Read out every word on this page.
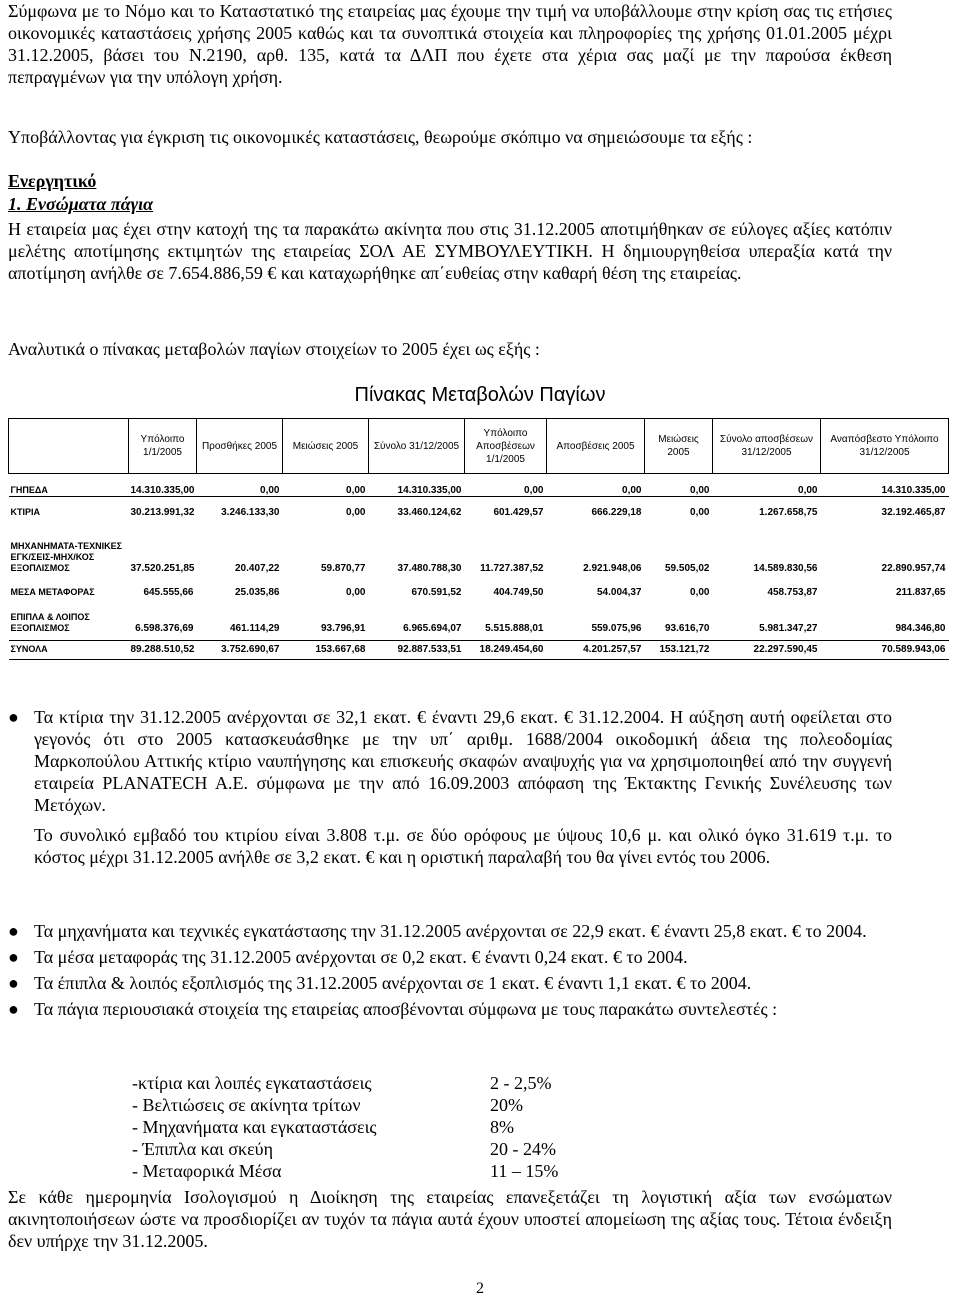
Σύμφωνα με το Νόμο και το Καταστατικό της εταιρείας μας έχουμε την τιμή να υποβάλλουμε στην κρίση σας τις ετήσιες οικονομικές καταστάσεις χρήσης 2005 καθώς και τα συνοπτικά στοιχεία και πληροφορίες της χρήσης 01.01.2005 μέχρι 31.12.2005, βάσει του Ν.2190, αρθ. 135, κατά τα ΔΛΠ που έχετε στα χέρια σας μαζί με την παρούσα έκθεση πεπραγμένων για την υπόλογη χρήση.

Υποβάλλοντας για έγκριση τις οικονομικές καταστάσεις, θεωρούμε σκόπιμο να σημειώσουμε τα εξής :

Ενεργητικό

1. Ενσώματα πάγια

Η εταιρεία μας έχει στην κατοχή της τα παρακάτω ακίνητα που στις 31.12.2005 αποτιμήθηκαν σε εύλογες αξίες κατόπιν μελέτης αποτίμησης εκτιμητών της εταιρείας ΣΟΛ ΑΕ ΣΥΜΒΟΥΛΕΥΤΙΚΗ. Η δημιουργηθείσα υπεραξία κατά την αποτίμηση ανήλθε σε 7.654.886,59 € και καταχωρήθηκε απ΄ευθείας στην καθαρή θέση της εταιρείας.

Αναλυτικά ο πίνακας μεταβολών παγίων στοιχείων το 2005 έχει ως εξής :

Πίνακας Μεταβολών Παγίων
	Υπόλοιπο 1/1/2005	Προσθήκες 2005	Μειώσεις 2005	Σύνολο 31/12/2005	Υπόλοιπο Αποσβέσεων 1/1/2005	Αποσβέσεις 2005	Μειώσεις 2005	Σύνολο αποσβέσεων 31/12/2005	Αναπόσβεστο Υπόλοιπο 31/12/2005

ΓΗΠΕΔΑ	14.310.335,00	0,00	0,00	14.310.335,00	0,00	0,00	0,00	0,00	14.310.335,00

ΚΤΙΡΙΑ	30.213.991,32	3.246.133,30	0,00	33.460.124,62	601.429,57	666.229,18	0,00	1.267.658,75	32.192.465,87
ΜΗΧΑΝΗΜΑΤΑ-ΤΕΧΝΙΚΕΣ ΕΓΚ/ΣΕΙΣ-ΜΗΧ/ΚΟΣ ΕΞΟΠΛΙΣΜΟΣ	37.520.251,85	20.407,22	59.870,77	37.480.788,30	11.727.387,52	2.921.948,06	59.505,02	14.589.830,56	22.890.957,74
ΜΕΣΑ ΜΕΤΑΦΟΡΑΣ	645.555,66	25.035,86	0,00	670.591,52	404.749,50	54.004,37	0,00	458.753,87	211.837,65
ΕΠΙΠΛΑ & ΛΟΙΠΟΣ ΕΞΟΠΛΙΣΜΟΣ	6.598.376,69	461.114,29	93.796,91	6.965.694,07	5.515.888,01	559.075,96	93.616,70	5.981.347,27	984.346,80

ΣΥΝΟΛΑ	89.288.510,52	3.752.690,67	153.667,68	92.887.533,51	18.249.454,60	4.201.257,57	153.121,72	22.297.590,45	70.589.943,06
● Τα κτίρια την 31.12.2005 ανέρχονται σε 32,1 εκατ. € έναντι 29,6 εκατ. € 31.12.2004. Η αύξηση αυτή οφείλεται στο γεγονός ότι στο 2005 κατασκευάσθηκε με την υπ΄ αριθμ. 1688/2004 οικοδομική άδεια της πολεοδομίας Μαρκοπούλου Αττικής κτίριο ναυπήγησης και επισκευής σκαφών αναψυχής για να χρησιμοποιηθεί από την συγγενή εταιρεία PLANATECH A.E. σύμφωνα με την από 16.09.2003 απόφαση της Έκτακτης Γενικής Συνέλευσης των Μετόχων.

Το συνολικό εμβαδό του κτιρίου είναι 3.808 τ.μ. σε δύο ορόφους με ύψους 10,6 μ. και ολικό όγκο 31.619 τ.μ. το κόστος μέχρι 31.12.2005 ανήλθε σε 3,2 εκατ. € και η οριστική παραλαβή του θα γίνει εντός του 2006.

● Τα μηχανήματα και τεχνικές εγκατάστασης την 31.12.2005 ανέρχονται σε 22,9 εκατ. € έναντι 25,8 εκατ. € το 2004.
● Τα μέσα μεταφοράς της 31.12.2005 ανέρχονται σε 0,2 εκατ. € έναντι 0,24 εκατ. € το 2004.
● Τα έπιπλα & λοιπός εξοπλισμός της 31.12.2005 ανέρχονται σε 1 εκατ. € έναντι 1,1 εκατ. € το 2004.
● Τα πάγια περιουσιακά στοιχεία της εταιρείας αποσβένονται σύμφωνα με τους παρακάτω συντελεστές :
-κτίρια και λοιπές εγκαταστάσεις	2 - 2,5%
- Βελτιώσεις σε ακίνητα τρίτων	20%
- Μηχανήματα και εγκαταστάσεις	8%
- Έπιπλα και σκεύη	20 - 24%
- Μεταφορικά Μέσα	11 – 15%

Σε κάθε ημερομηνία Ισολογισμού η Διοίκηση της εταιρείας επανεξετάζει τη λογιστική αξία των ενσώματων ακινητοποιήσεων ώστε να προσδιορίζει αν τυχόν τα πάγια αυτά έχουν υποστεί απομείωση της αξίας τους. Τέτοια ένδειξη δεν υπήρχε την 31.12.2005.

2
